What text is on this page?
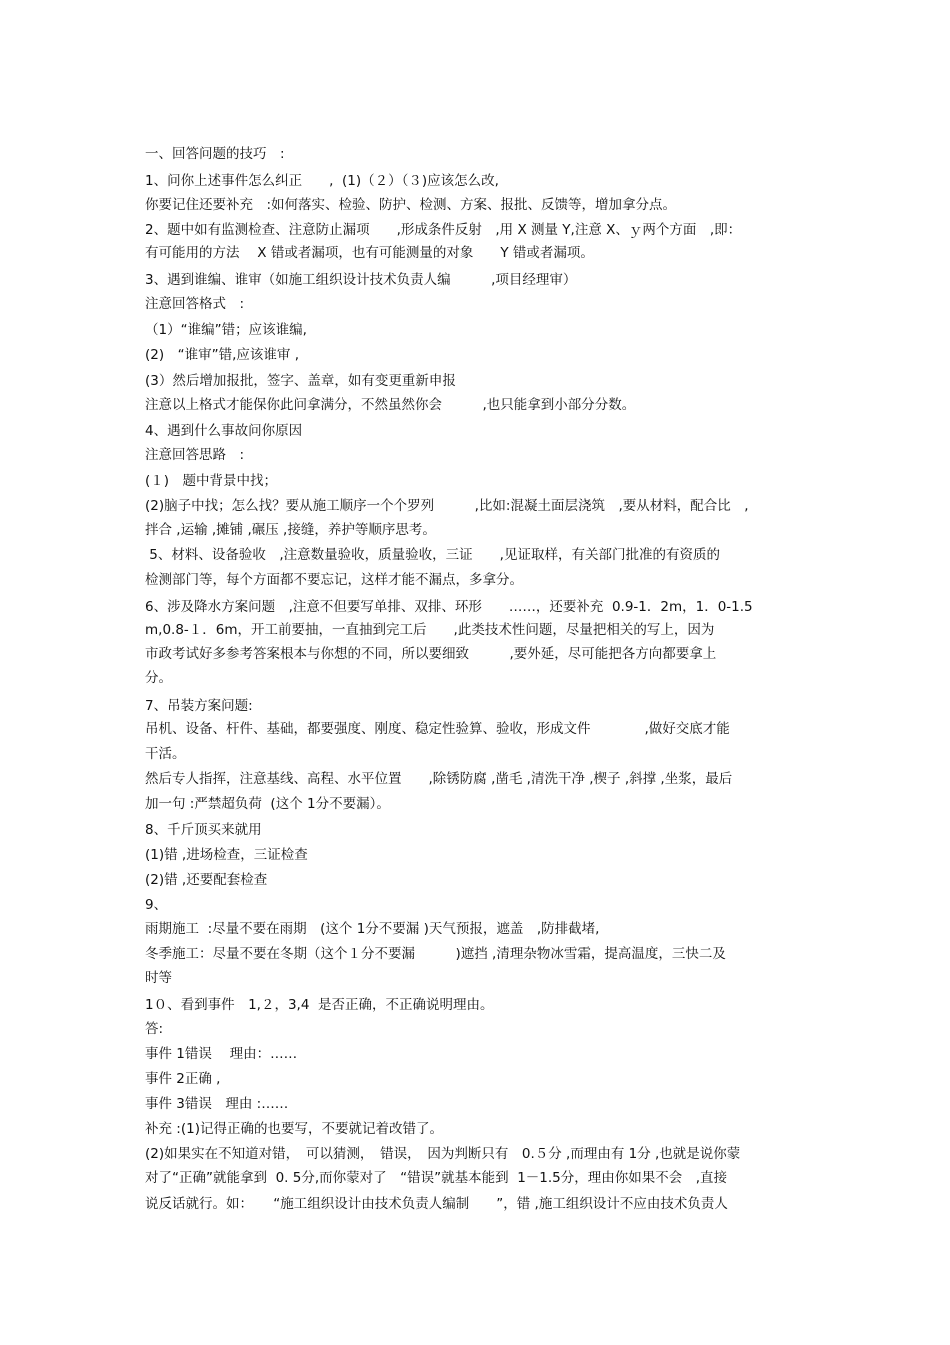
一、回答问题的技巧　:
1、问你上述事件怎么纠正　　,  (1)（２）（３)应该怎么改,
你要记住还要补充　:如何落实、检验、防护、检测、方案、报批、反馈等，增加拿分点。
2、题中如有监测检查、注意防止漏项　　,形成条件反射　,用 X 测量 Y,注意 X、ｙ两个方面　,即：
有可能用的方法　 X 错或者漏项，也有可能测量的对象　　Y 错或者漏项。
3、遇到谁编、谁审（如施工组织设计技术负责人编　　　,项目经理审）
注意回答格式　:
（1）“谁编”错；应该谁编,
(2)　“谁审”错,应该谁审 ,
(3）然后增加报批，签字、盖章，如有变更重新申报
注意以上格式才能保你此问拿满分，不然虽然你会　　　,也只能拿到小部分分数。
4、遇到什么事故问你原因
注意回答思路　:
(１)　题中背景中找；
(2)脑子中找；怎么找？要从施工顺序一个个罗列　　　,比如:混凝土面层浇筑　,要从材料，配合比　,
拌合 ,运输 ,摊铺 ,碾压 ,接缝，养护等顺序思考。
5、材料、设备验收　,注意数量验收，质量验收，三证　　,见证取样，有关部门批准的有资质的
检测部门等，每个方面都不要忘记，这样才能不漏点，多拿分。
6、涉及降水方案问题　,注意不但要写单排、双排、环形　　……，还要补充  0.9-1．2m，1．0-1.5
m,0.8-１．6m，开工前要抽，一直抽到完工后　　,此类技术性问题，尽量把相关的写上，因为
市政考试好多参考答案根本与你想的不同，所以要细致　　　,要外延，尽可能把各方向都要拿上
分。
7、吊装方案问题:
吊机、设备、杆件、基础，都要强度、刚度、稳定性验算、验收，形成文件　　　　,做好交底才能
干活。
然后专人指挥，注意基线、高程、水平位置　　,除锈防腐 ,凿毛 ,清洗干净 ,楔子 ,斜撑 ,坐浆，最后
加一句 :严禁超负荷  (这个 1分不要漏）。
8、千斤顶买来就用
(1)错 ,进场检查，三证检查
(2)错 ,还要配套检查
9、
雨期施工  :尽量不要在雨期　(这个 1分不要漏 )天气预报，遮盖　,防排截堵,
冬季施工：尽量不要在冬期（这个１分不要漏　　　)遮挡 ,清理杂物冰雪霜，提高温度，三快二及
时等
1０、看到事件　1,２，3,4  是否正确，不正确说明理由。
答:
事件 1错误　 理由：……
事件 2正确 ,
事件 3错误　理由 :……
补充 :(1)记得正确的也要写，不要就记着改错了。
(2)如果实在不知道对错，　可以猜测，　错误，　因为判断只有　0.５分 ,而理由有 1分 ,也就是说你蒙
对了“正确”就能拿到  0. 5分,而你蒙对了　“错误”就基本能到  1－1.5分，理由你如果不会　,直接
说反话就行。如：　　“施工组织设计由技术负责人编制　　”，错 ,施工组织设计不应由技术负责人
